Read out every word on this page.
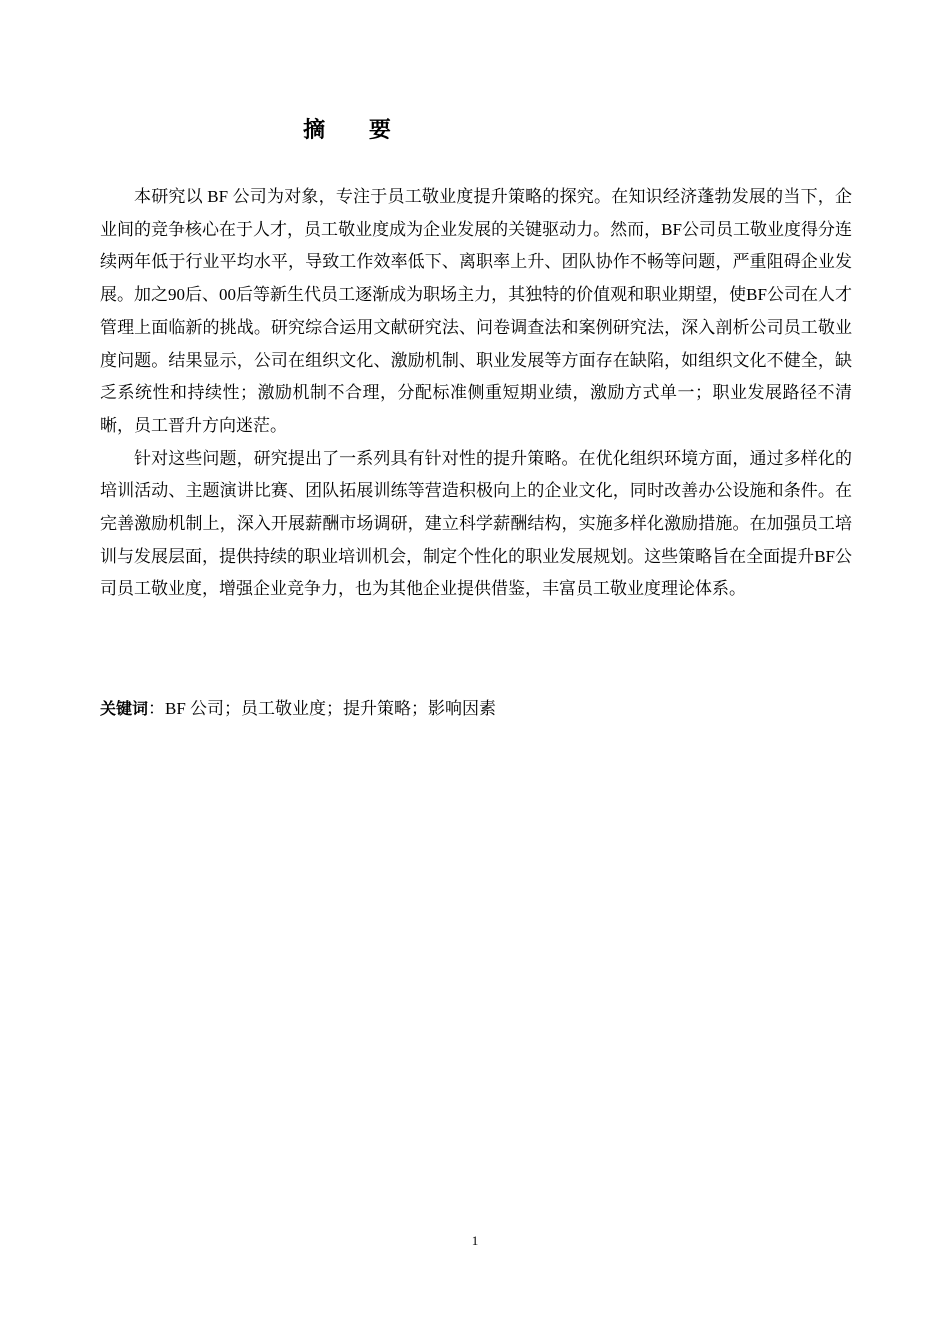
摘 要

本研究以 BF 公司为对象，专注于员工敬业度提升策略的探究。在知识经济蓬勃发展的当下，企业间的竞争核心在于人才，员工敬业度成为企业发展的关键驱动力。然而，BF公司员工敬业度得分连续两年低于行业平均水平，导致工作效率低下、离职率上升、团队协作不畅等问题，严重阻碍企业发展。加之90后、00后等新生代员工逐渐成为职场主力，其独特的价值观和职业期望，使BF公司在人才管理上面临新的挑战。研究综合运用文献研究法、问卷调查法和案例研究法，深入剖析公司员工敬业度问题。结果显示，公司在组织文化、激励机制、职业发展等方面存在缺陷，如组织文化不健全，缺乏系统性和持续性；激励机制不合理，分配标准侧重短期业绩，激励方式单一；职业发展路径不清晰，员工晋升方向迷茫。

针对这些问题，研究提出了一系列具有针对性的提升策略。在优化组织环境方面，通过多样化的培训活动、主题演讲比赛、团队拓展训练等营造积极向上的企业文化，同时改善办公设施和条件。在完善激励机制上，深入开展薪酬市场调研，建立科学薪酬结构，实施多样化激励措施。在加强员工培训与发展层面，提供持续的职业培训机会，制定个性化的职业发展规划。这些策略旨在全面提升BF公司员工敬业度，增强企业竞争力，也为其他企业提供借鉴，丰富员工敬业度理论体系。

关键词：BF 公司；员工敬业度；提升策略；影响因素
1
